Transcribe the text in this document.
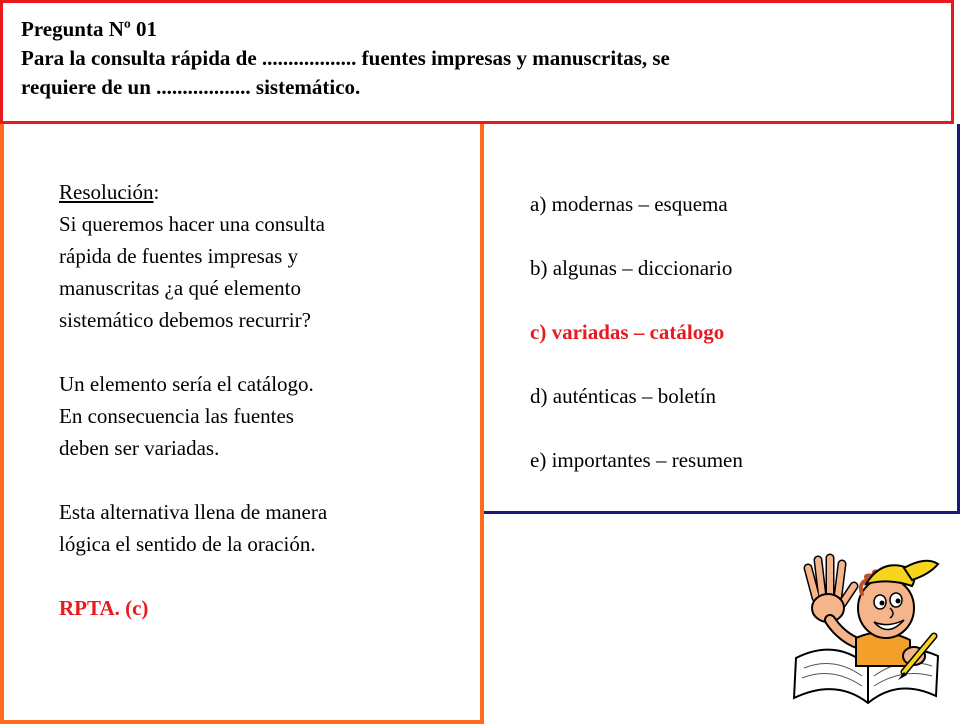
Pregunta Nº 01

Para la consulta rápida de .................. fuentes impresas y manuscritas, se

requiere de un .................. sistemático.

Resolución:

Si queremos hacer una consulta

rápida de fuentes impresas y

manuscritas ¿a qué elemento

sistemático debemos recurrir?

Un elemento sería el catálogo.

En consecuencia las fuentes

deben ser variadas.

Esta alternativa llena de manera

lógica el sentido de la oración.

RPTA. (c)

a) modernas – esquema
b) algunas – diccionario
c) variadas – catálogo
d) auténticas – boletín
e) importantes – resumen
